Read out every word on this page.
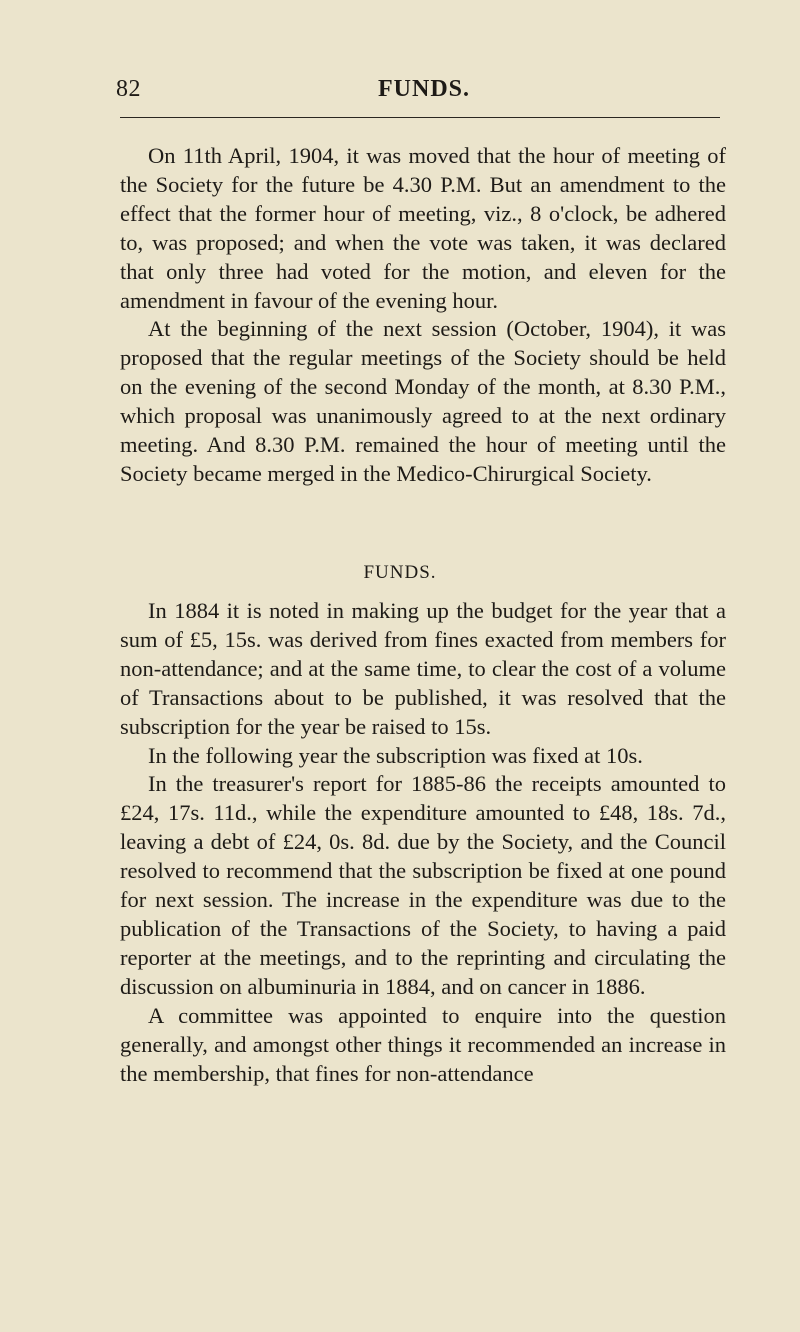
82	FUNDS.

On 11th April, 1904, it was moved that the hour of meeting of the Society for the future be 4.30 P.M. But an amendment to the effect that the former hour of meeting, viz., 8 o'clock, be adhered to, was proposed; and when the vote was taken, it was declared that only three had voted for the motion, and eleven for the amendment in favour of the evening hour.

At the beginning of the next session (October, 1904), it was proposed that the regular meetings of the Society should be held on the evening of the second Monday of the month, at 8.30 P.M., which proposal was unanimously agreed to at the next ordinary meeting. And 8.30 P.M. remained the hour of meeting until the Society became merged in the Medico-Chirurgical Society.

FUNDS.

In 1884 it is noted in making up the budget for the year that a sum of £5, 15s. was derived from fines exacted from members for non-attendance; and at the same time, to clear the cost of a volume of Transactions about to be published, it was resolved that the subscription for the year be raised to 15s.

In the following year the subscription was fixed at 10s.

In the treasurer's report for 1885-86 the receipts amounted to £24, 17s. 11d., while the expenditure amounted to £48, 18s. 7d., leaving a debt of £24, 0s. 8d. due by the Society, and the Council resolved to recommend that the subscription be fixed at one pound for next session. The increase in the expenditure was due to the publication of the Transactions of the Society, to having a paid reporter at the meetings, and to the reprinting and circulating the discussion on albuminuria in 1884, and on cancer in 1886.

A committee was appointed to enquire into the question generally, and amongst other things it recommended an increase in the membership, that fines for non-attendance
